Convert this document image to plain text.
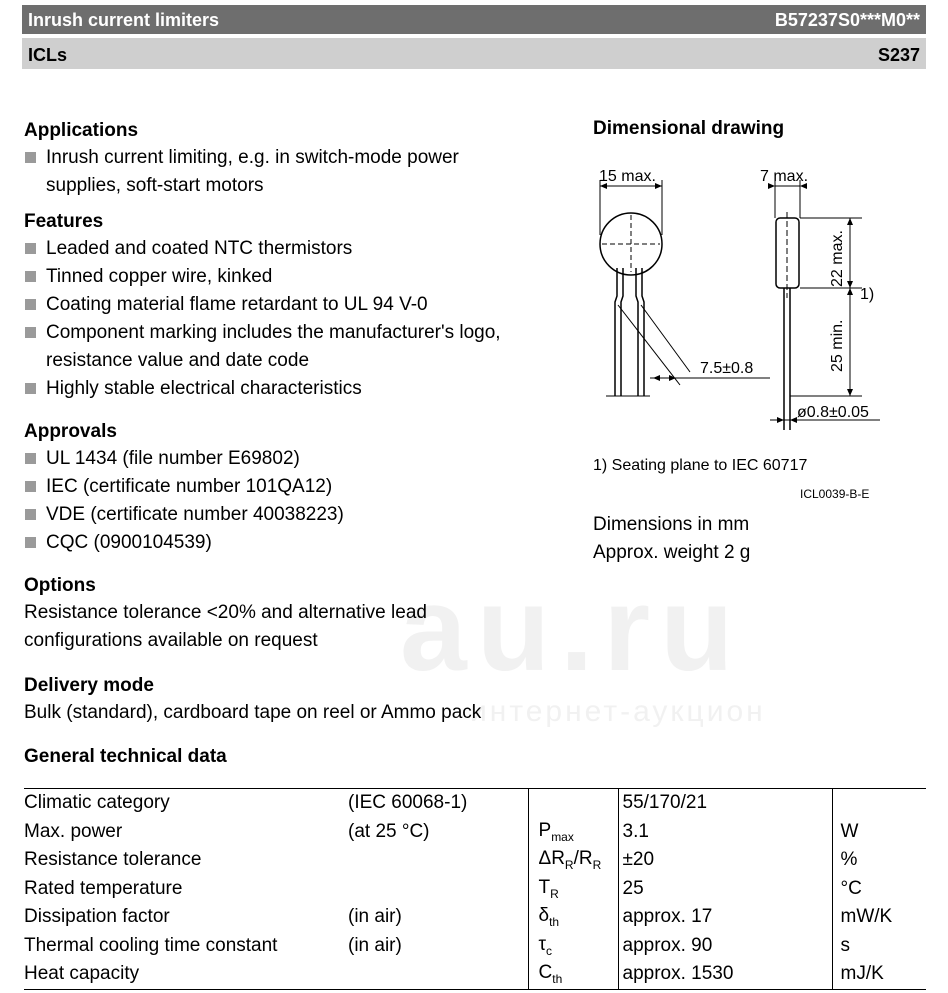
au.ru
интернет-аукцион
Inrush current limiters	B57237S0***M0**
ICLs	S237
Applications
Inrush current limiting, e.g. in switch-mode power supplies, soft-start motors
Features
Leaded and coated NTC thermistors
Tinned copper wire, kinked
Coating material flame retardant to UL 94 V-0
Component marking includes the manufacturer's logo, resistance value and date code
Highly stable electrical characteristics
Approvals
UL 1434 (file number E69802)
IEC (certificate number 101QA12)
VDE (certificate number 40038223)
CQC (0900104539)
Options

Resistance tolerance <20% and alternative lead configurations available on request

Delivery mode

Bulk (standard), cardboard tape on reel or Ammo pack

General technical data
Dimensional drawing
15 max.	7 max.
22 max.
25 min.
7.5±0.8
ø0.8±0.05
1)
1) Seating plane to IEC 60717
ICL0039-B-E

Dimensions in mm

Approx. weight 2 g

Climatic category	(IEC 60068-1)		55/170/21	
Max. power	(at 25 °C)	$P_{max}$	3.1	W
Resistance tolerance		$\Delta R_R/R_R$	±20	%
Rated temperature		$T_R$	25	°C
Dissipation factor	(in air)	$\delta_{th}$	approx. 17	mW/K
Thermal cooling time constant	(in air)	$\tau_c$	approx. 90	s
Heat capacity		$C_{th}$	approx. 1530	mJ/K
